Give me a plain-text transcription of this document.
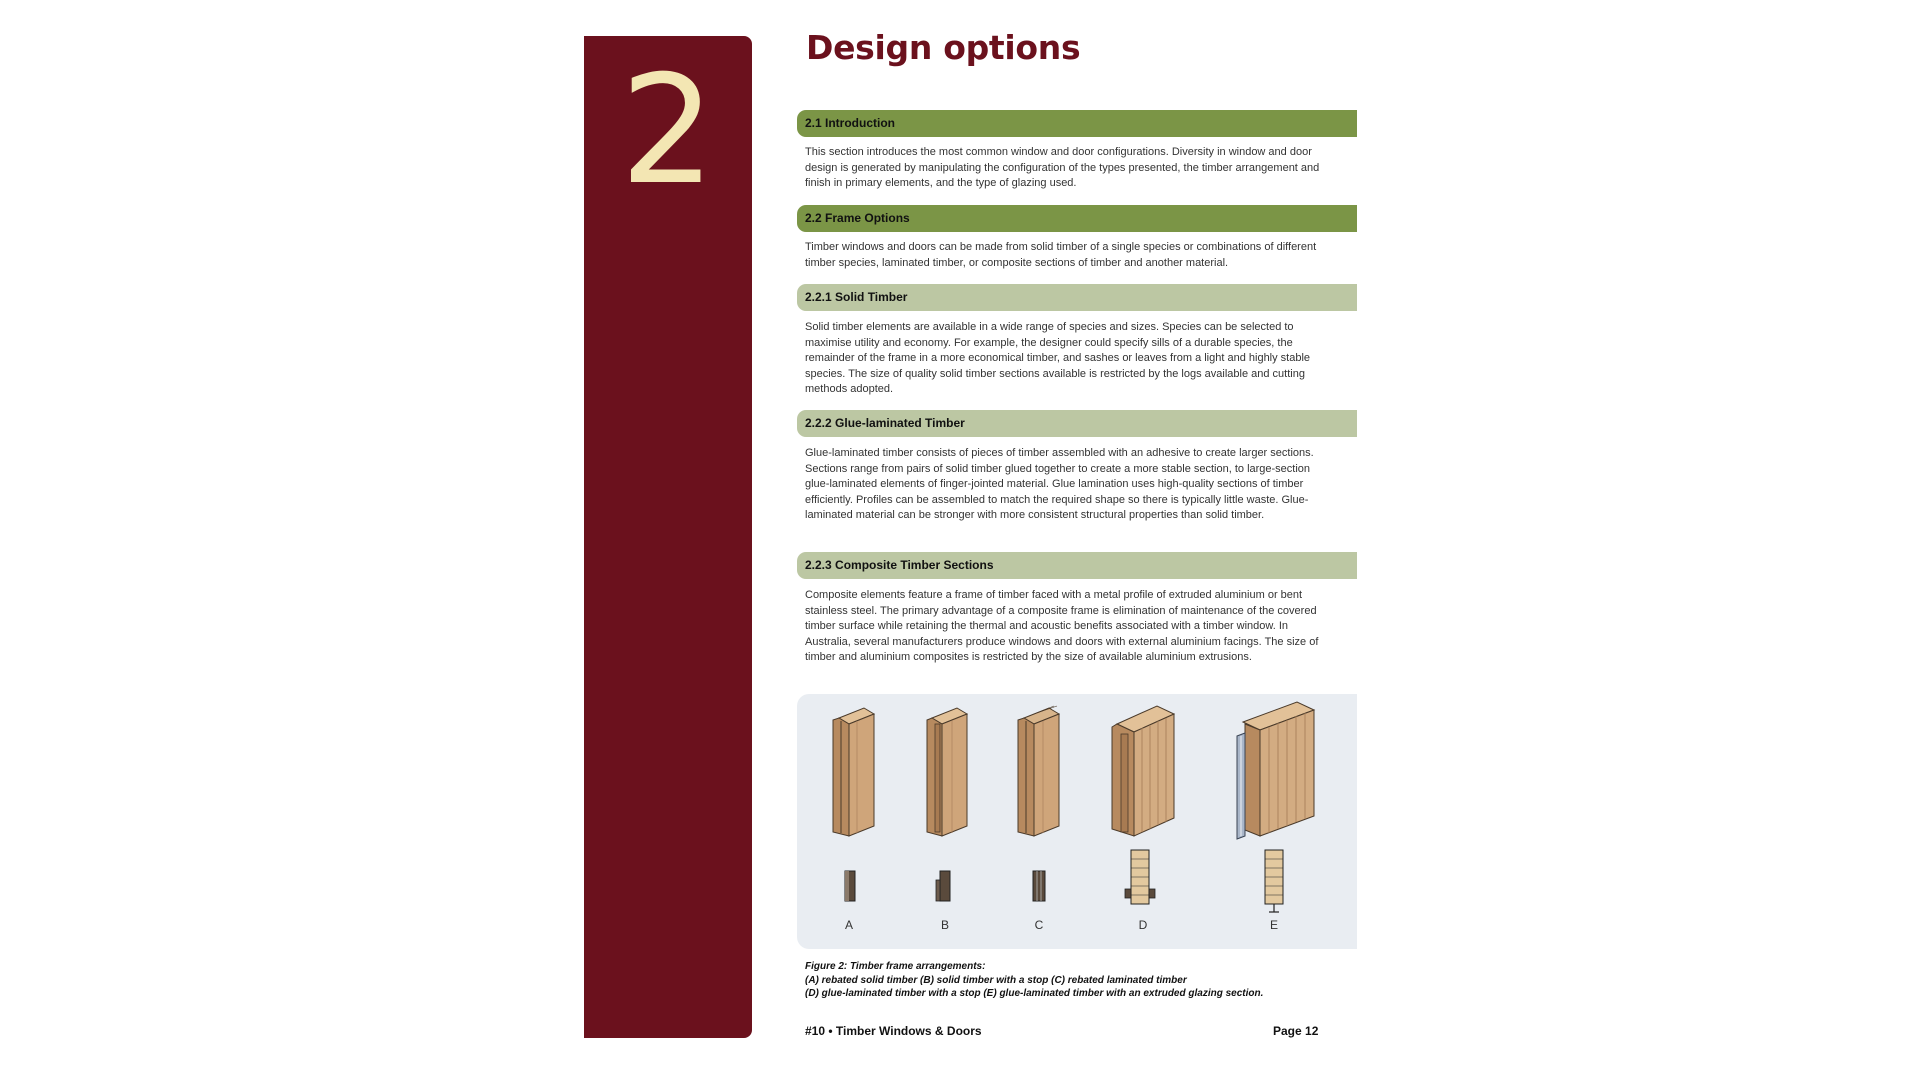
2	Design options
2.1 Introduction

This section introduces the most common window and door configurations. Diversity in window and door design is generated by manipulating the configuration of the types presented, the timber arrangement and finish in primary elements, and the type of glazing used.

2.2 Frame Options

Timber windows and doors can be made from solid timber of a single species or combinations of different timber species, laminated timber, or composite sections of timber and another material.

2.2.1 Solid Timber

Solid timber elements are available in a wide range of species and sizes. Species can be selected to maximise utility and economy. For example, the designer could specify sills of a durable species, the remainder of the frame in a more economical timber, and sashes or leaves from a light and highly stable species. The size of quality solid timber sections available is restricted by the logs available and cutting methods adopted.

2.2.2 Glue-laminated Timber

Glue-laminated timber consists of pieces of timber assembled with an adhesive to create larger sections. Sections range from pairs of solid timber glued together to create a more stable section, to large-section glue-laminated elements of finger-jointed material. Glue lamination uses high-quality sections of timber efficiently. Profiles can be assembled to match the required shape so there is typically little waste. Glue-laminated material can be stronger with more consistent structural properties than solid timber.

2.2.3 Composite Timber Sections

Composite elements feature a frame of timber faced with a metal profile of extruded aluminium or bent stainless steel. The primary advantage of a composite frame is elimination of maintenance of the covered timber surface while retaining the thermal and acoustic benefits associated with a timber window. In Australia, several manufacturers produce windows and doors with external aluminium facings. The size of timber and aluminium composites is restricted by the size of available aluminium extrusions.

A	B	C	D	E
Figure 2: Timber frame arrangements:
(A) rebated solid timber (B) solid timber with a stop (C) rebated laminated timber
(D) glue-laminated timber with a stop (E) glue-laminated timber with an extruded glazing section.
#10 • Timber Windows & Doors	Page 12
